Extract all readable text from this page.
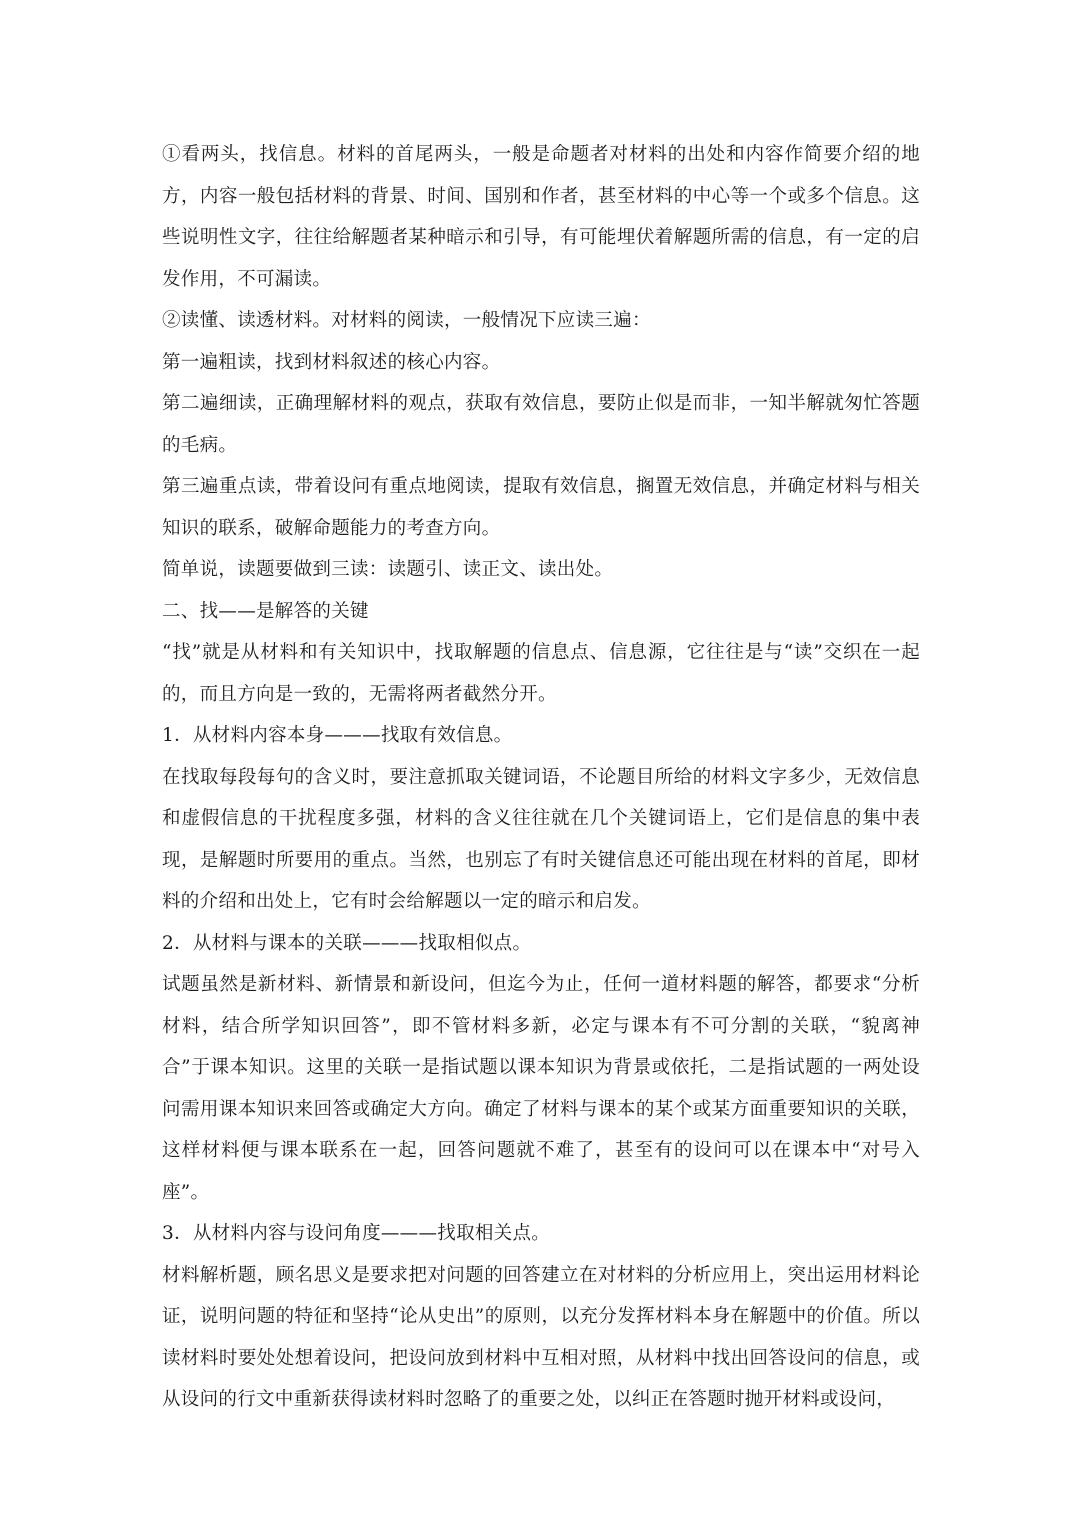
①看两头，找信息。材料的首尾两头，一般是命题者对材料的出处和内容作简要介绍的地方，内容一般包括材料的背景、时间、国别和作者，甚至材料的中心等一个或多个信息。这些说明性文字，往往给解题者某种暗示和引导，有可能埋伏着解题所需的信息，有一定的启发作用，不可漏读。

②读懂、读透材料。对材料的阅读，一般情况下应读三遍：

第一遍粗读，找到材料叙述的核心内容。

第二遍细读，正确理解材料的观点，获取有效信息，要防止似是而非，一知半解就匆忙答题的毛病。

第三遍重点读，带着设问有重点地阅读，提取有效信息，搁置无效信息，并确定材料与相关知识的联系，破解命题能力的考查方向。

简单说，读题要做到三读：读题引、读正文、读出处。

二、找——是解答的关键

“找”就是从材料和有关知识中，找取解题的信息点、信息源，它往往是与“读”交织在一起的，而且方向是一致的，无需将两者截然分开。

1．从材料内容本身———找取有效信息。

在找取每段每句的含义时，要注意抓取关键词语，不论题目所给的材料文字多少，无效信息和虚假信息的干扰程度多强，材料的含义往往就在几个关键词语上，它们是信息的集中表现，是解题时所要用的重点。当然，也别忘了有时关键信息还可能出现在材料的首尾，即材料的介绍和出处上，它有时会给解题以一定的暗示和启发。

2．从材料与课本的关联———找取相似点。

试题虽然是新材料、新情景和新设问，但迄今为止，任何一道材料题的解答，都要求“分析材料，结合所学知识回答”，即不管材料多新，必定与课本有不可分割的关联，“貌离神合”于课本知识。这里的关联一是指试题以课本知识为背景或依托，二是指试题的一两处设问需用课本知识来回答或确定大方向。确定了材料与课本的某个或某方面重要知识的关联，这样材料便与课本联系在一起，回答问题就不难了，甚至有的设问可以在课本中“对号入座”。

3．从材料内容与设问角度———找取相关点。

材料解析题，顾名思义是要求把对问题的回答建立在对材料的分析应用上，突出运用材料论证，说明问题的特征和坚持“论从史出”的原则，以充分发挥材料本身在解题中的价值。所以读材料时要处处想着设问，把设问放到材料中互相对照，从材料中找出回答设问的信息，或从设问的行文中重新获得读材料时忽略了的重要之处，以纠正在答题时抛开材料或设问，
